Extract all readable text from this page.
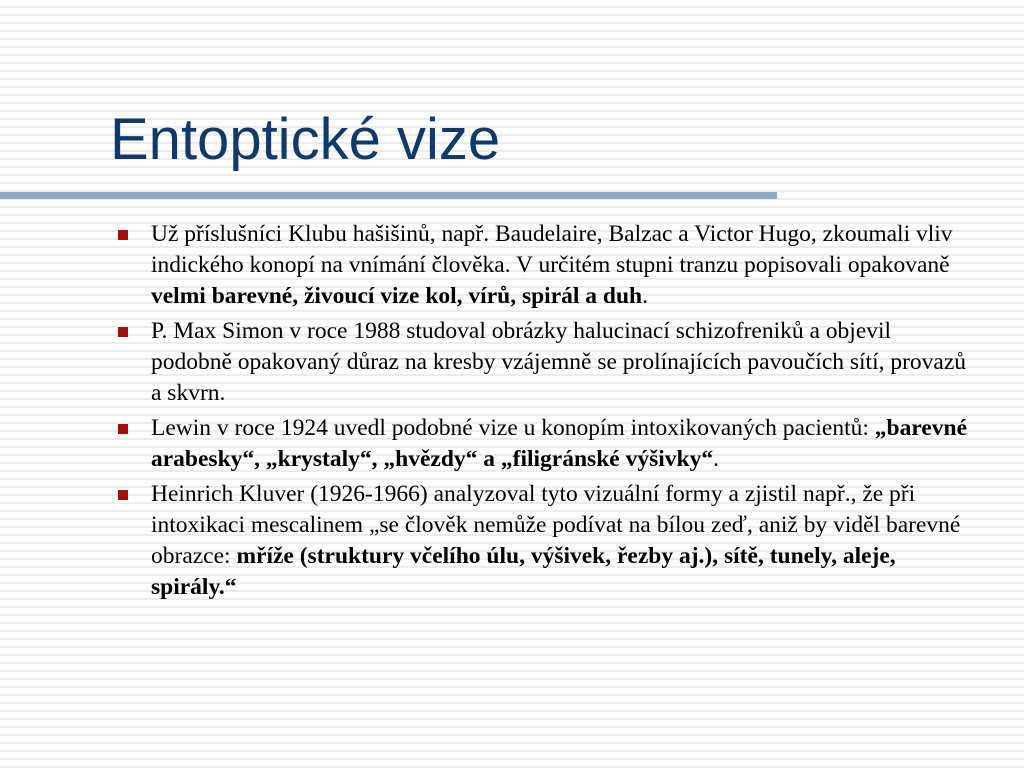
Entoptické vize
Už příslušníci Klubu hašišinů, např. Baudelaire, Balzac a Victor Hugo, zkoumali vliv indického konopí na vnímání člověka. V určitém stupni tranzu popisovali opakovaně velmi barevné, živoucí vize kol, vírů, spirál a duh.
P. Max Simon v roce 1988 studoval obrázky halucinací schizofreniků a objevil podobně opakovaný důraz na kresby vzájemně se prolínajících pavoučích sítí, provazů a skvrn.
Lewin v roce 1924 uvedl podobné vize u konopím intoxikovaných pacientů: „barevné arabesky“, „krystaly“, „hvězdy“ a „filigránské výšivky“.
Heinrich Kluver (1926-1966) analyzoval tyto vizuální formy a zjistil např., že při intoxikaci mescalinem „se člověk nemůže podívat na bílou zeď, aniž by viděl barevné obrazce: mříže (struktury včelího úlu, výšivek, řezby aj.), sítě, tunely, aleje, spirály.“
